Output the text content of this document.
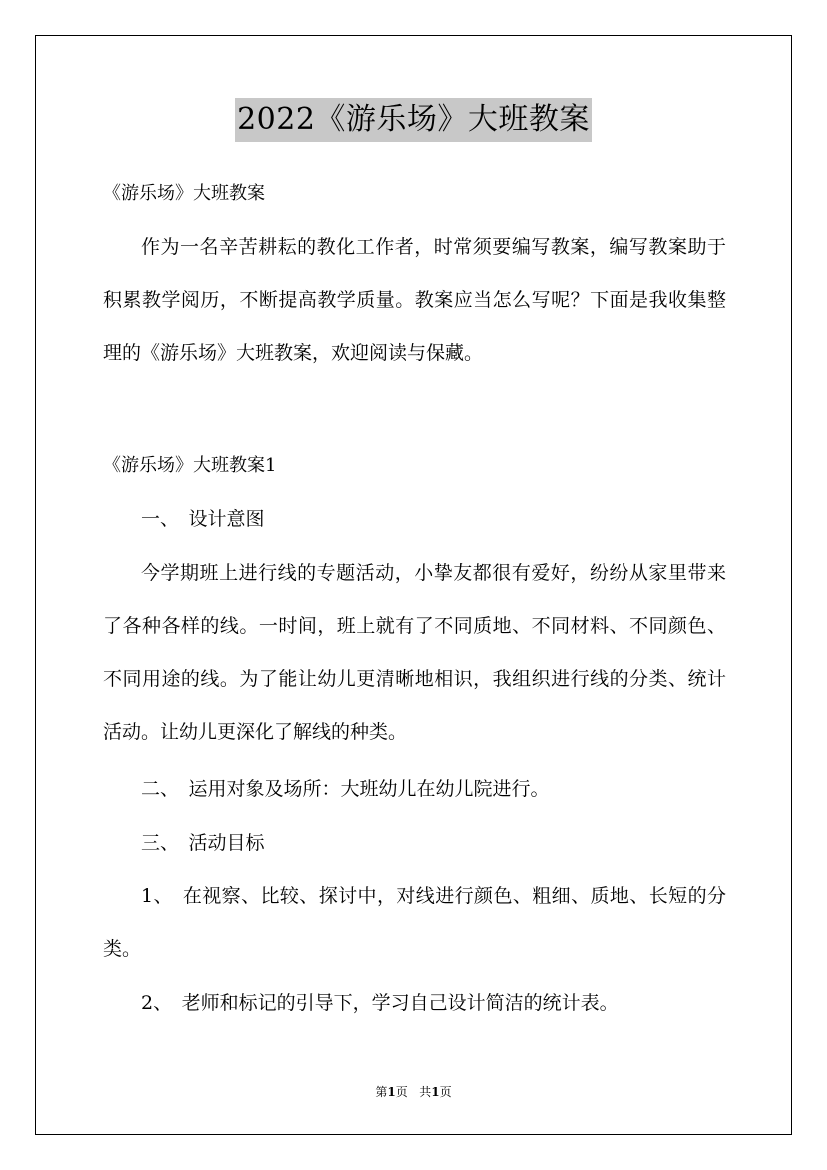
2022《游乐场》大班教案

《游乐场》大班教案

作为一名辛苦耕耘的教化工作者，时常须要编写教案，编写教案助于积累教学阅历，不断提高教学质量。教案应当怎么写呢？下面是我收集整理的《游乐场》大班教案，欢迎阅读与保藏。

《游乐场》大班教案1

一、　设计意图

今学期班上进行线的专题活动，小挚友都很有爱好，纷纷从家里带来了各种各样的线。一时间，班上就有了不同质地、不同材料、不同颜色、不同用途的线。为了能让幼儿更清晰地相识，我组织进行线的分类、统计活动。让幼儿更深化了解线的种类。

二、　运用对象及场所：大班幼儿在幼儿院进行。

三、　活动目标

1、　在视察、比较、探讨中，对线进行颜色、粗细、质地、长短的分类。

2、　老师和标记的引导下，学习自己设计简洁的统计表。

第1页 共1页
